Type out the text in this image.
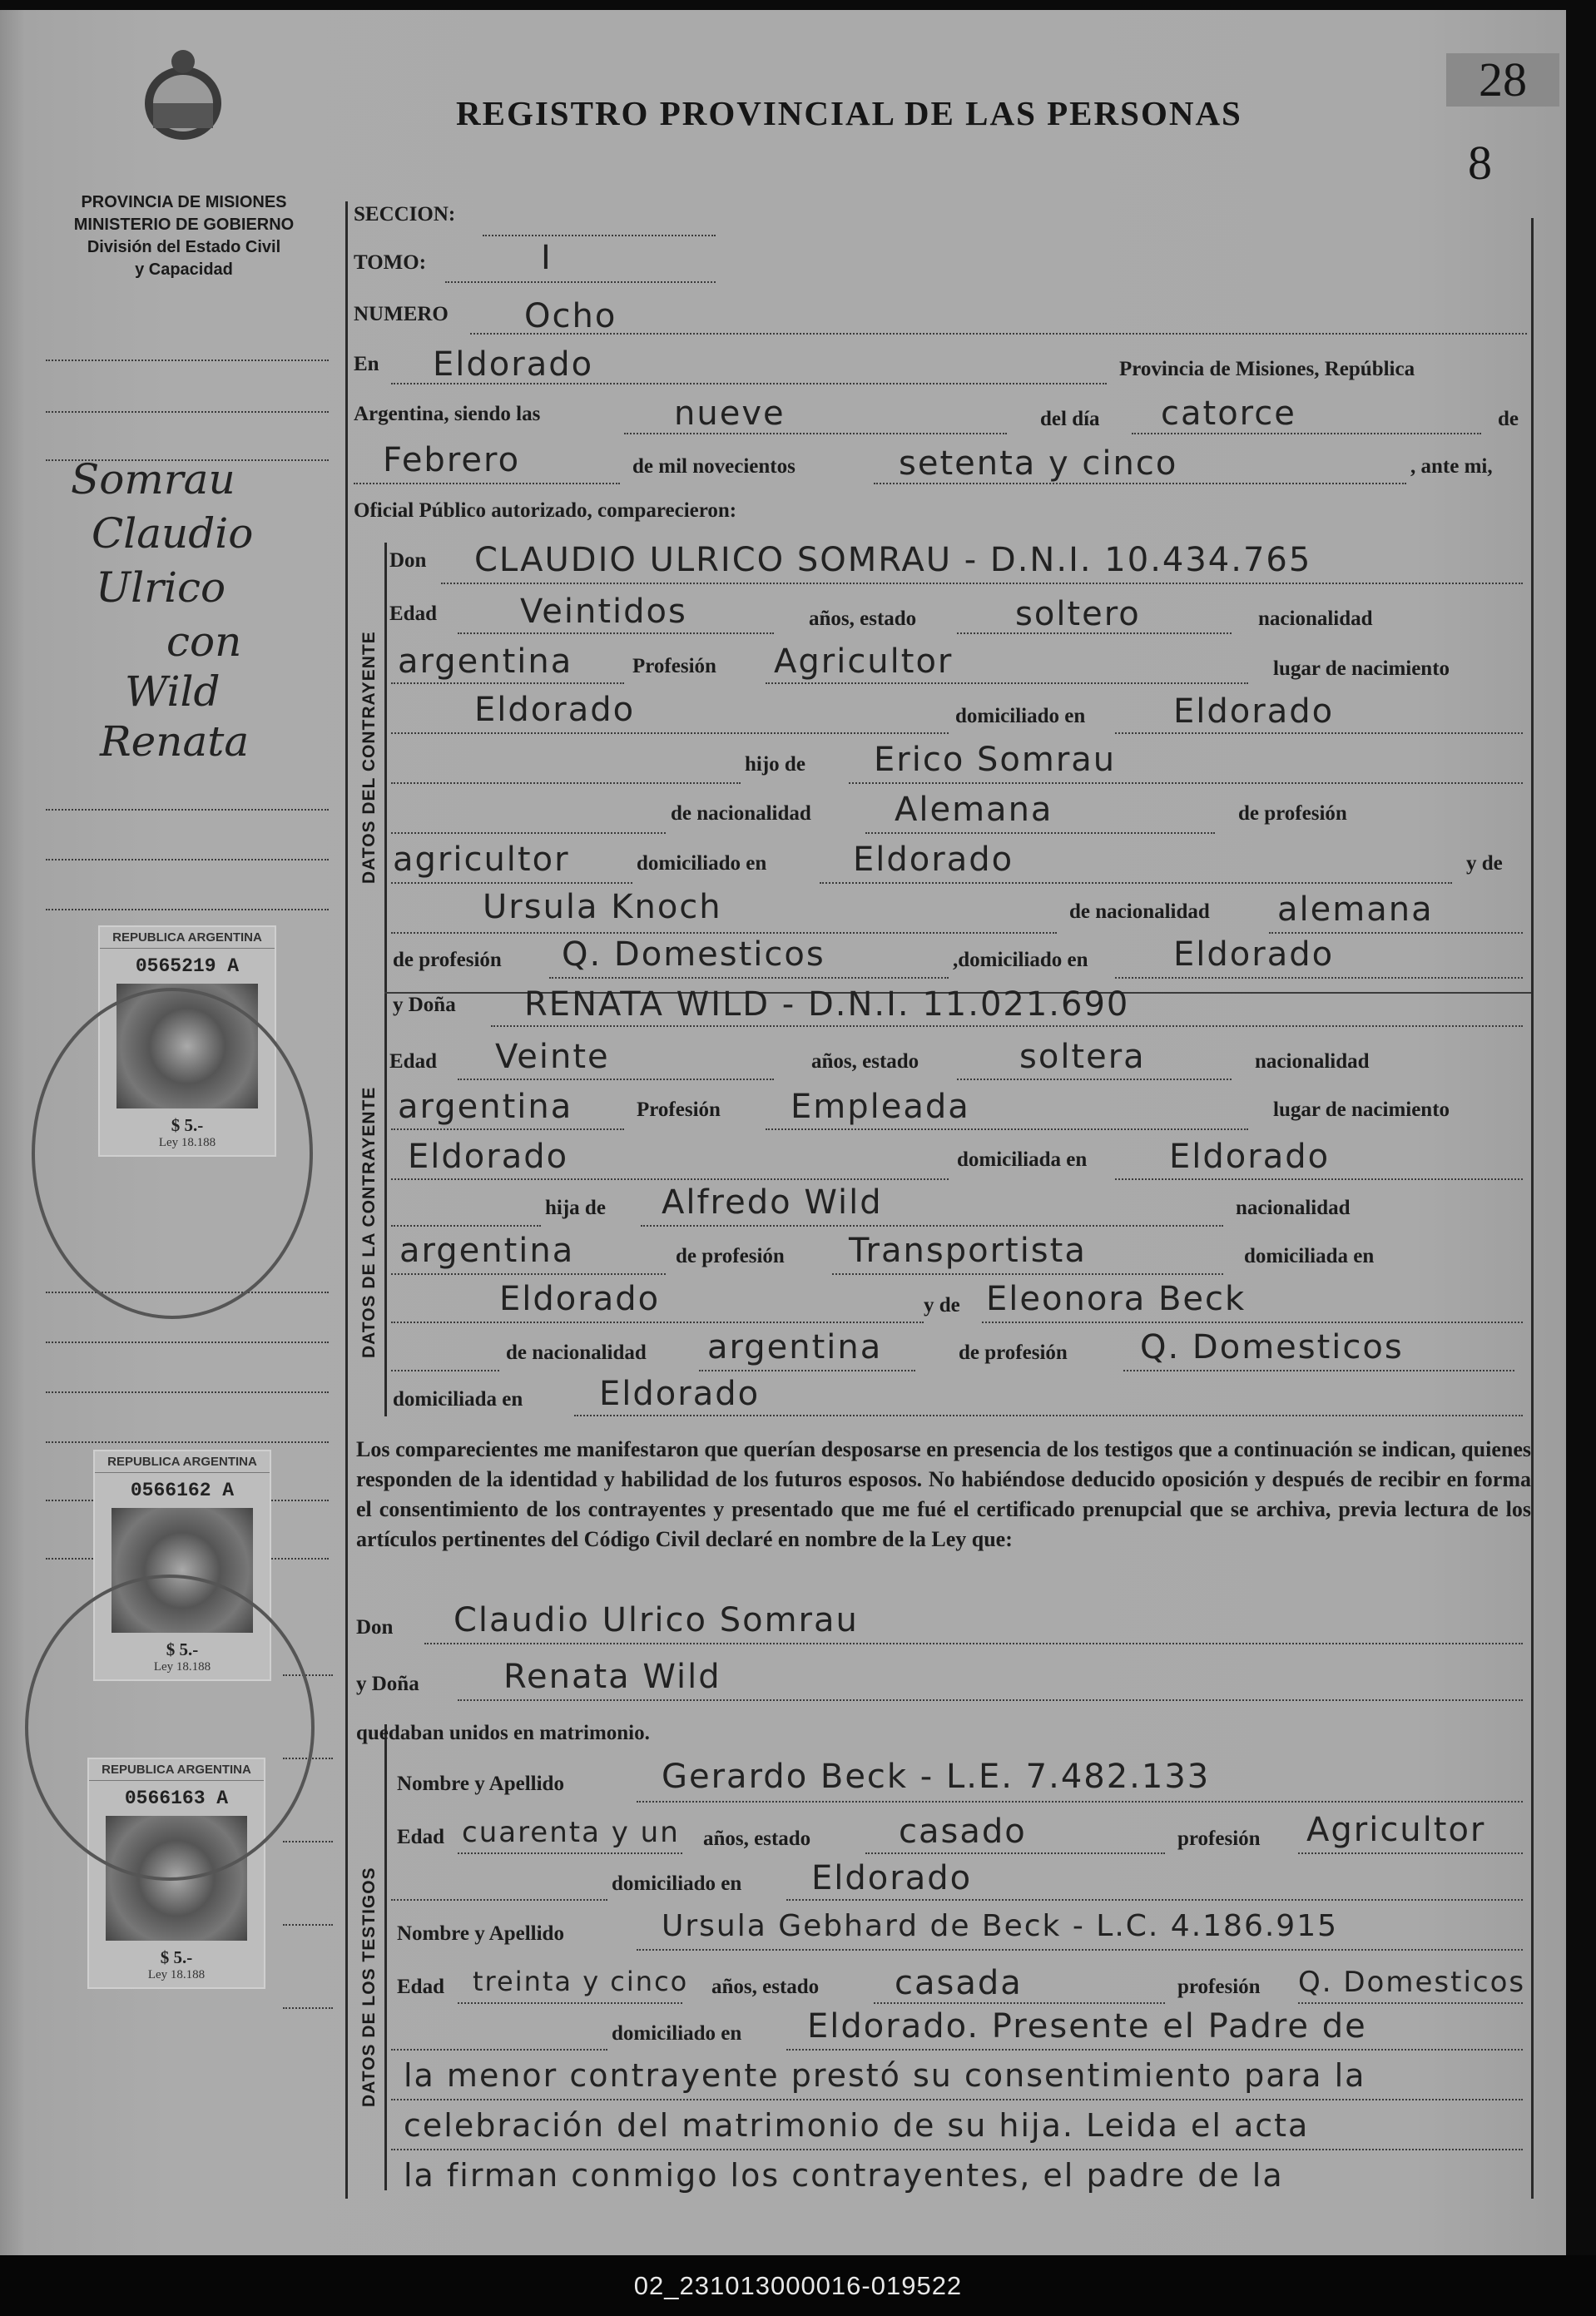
REGISTRO PROVINCIAL DE LAS PERSONAS
28
8
PROVINCIA DE MISIONES
MINISTERIO DE GOBIERNO
División del Estado Civil
y Capacidad
Somrau
Claudio
Ulrico
con
Wild
Renata	DATOS DEL CONTRAYENTE
DATOS DE LA CONTRAYENTE
DATOS DE LOS TESTIGOS
SECCION:
TOMO:	I
NUMERO Ocho
En Eldorado	Provincia de Misiones, República
Argentina, siendo las	nueve	del día catorce	de
Febrero	de mil novecientos	setenta y cinco	, ante mi,
Oficial Público autorizado, comparecieron:
Don CLAUDIO ULRICO SOMRAU - D.N.I. 10.434.765
Edad	Veintidos	años, estado	soltero	nacionalidad
argentina	Profesión Agricultor	lugar de nacimiento
Eldorado	domiciliado en	Eldorado
hijo de Erico Somrau
de nacionalidad	Alemana	de profesión
agricultor	domiciliado en	Eldorado	y de
Ursula Knoch	de nacionalidad alemana
de profesión Q. Domesticos	,domiciliado en	Eldorado
y Doña RENATA WILD - D.N.I. 11.021.690
Edad Veinte	años, estado	soltera	nacionalidad
argentina	Profesión Empleada	lugar de nacimiento
Eldorado	domiciliada en Eldorado
hija de Alfredo Wild	nacionalidad
argentina	de profesión Transportista	domiciliada en
Eldorado	y de Eleonora Beck
de nacionalidad argentina	de profesión Q. Domesticos
domiciliada en Eldorado
Los comparecientes me manifestaron que querían desposarse en presencia de los testigos que a continuación se indican, quienes responden de la identidad y habilidad de los futuros esposos. No habiéndose deducido oposición y después de recibir en forma el consentimiento de los contrayentes y presentado que me fué el certificado prenupcial que se archiva, previa lectura de los artículos pertinentes del Código Civil declaré en nombre de la Ley que:
Don Claudio Ulrico Somrau
y Doña	Renata Wild
quedaban unidos en matrimonio.
Nombre y Apellido	Gerardo Beck - L.E. 7.482.133
Edad cuarenta y un años, estado	casado	profesión Agricultor
domiciliado en Eldorado
Nombre y Apellido	Ursula Gebhard de Beck - L.C. 4.186.915
Edad treinta y cinco años, estado casada	profesión Q. Domesticos
domiciliado en Eldorado. Presente el Padre de
la menor contrayente prestó su consentimiento para la
celebración del matrimonio de su hija. Leida el acta
la firman conmigo los contrayentes, el padre de la
REPUBLICA ARGENTINA
0565219 A
$ 5.-
Ley 18.188
REPUBLICA ARGENTINA
0566162 A
$ 5.-
Ley 18.188
REPUBLICA ARGENTINA
0566163 A
$ 5.-
Ley 18.188
02_231013000016-019522
